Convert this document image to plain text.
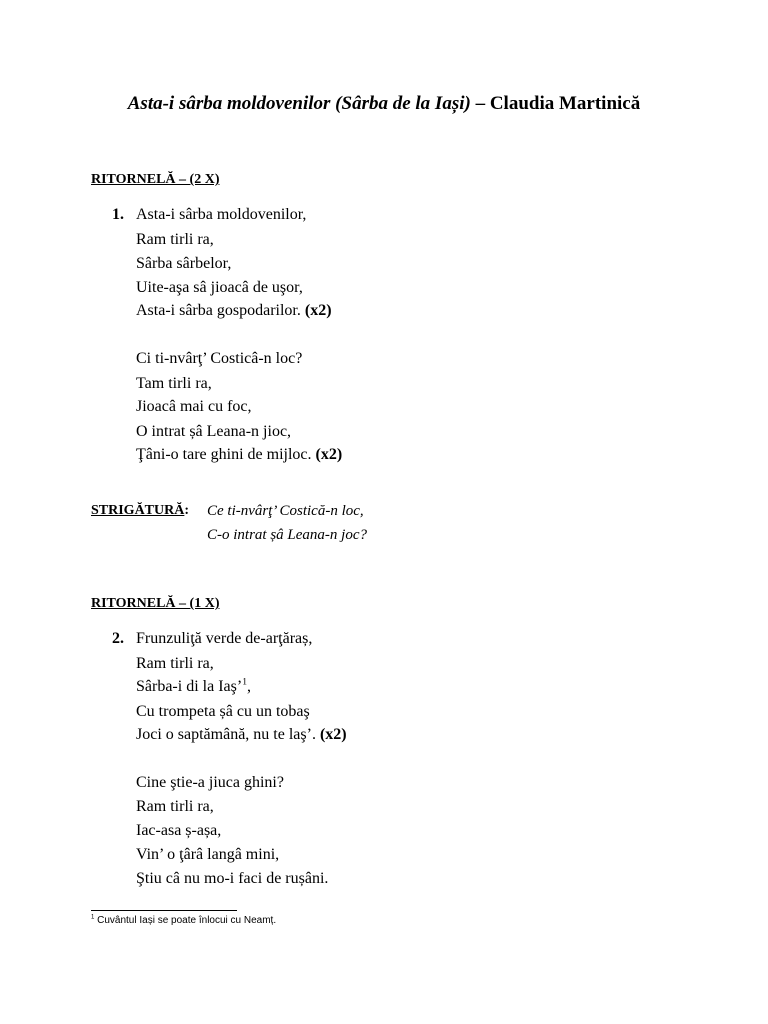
Asta-i sârba moldovenilor (Sârba de la Iași) – Claudia Martinică
RITORNELĂ – (2 X)
1. Asta-i sârba moldovenilor,
Ram tirli ra,
Sârba sârbelor,
Uite-aşa sâ jioacâ de uşor,
Asta-i sârba gospodarilor. (x2)
Ci ti-nvârţ’ Costicâ-n loc?
Tam tirli ra,
Jioacâ mai cu foc,
O intrat șâ Leana-n jioc,
Ţâni-o tare ghini de mijloc. (x2)
STRIGĂTURĂ: Ce ti-nvârţ’ Costică-n loc,
C-o intrat șâ Leana-n joc?
RITORNELĂ – (1 X)
2. Frunzuliţă verde de-arţăraș,
Ram tirli ra,
Sârba-i di la Iaş’$^1$,
Cu trompeta șâ cu un tobaş
Joci o saptămână, nu te laş’. (x2)
Cine ştie-a jiuca ghini?
Ram tirli ra,
Iac-asa ș-așa,
Vin’ o ţârâ langâ mini,
Ştiu câ nu mo-i faci de rușâni.
$^1$ Cuvântul Iași se poate înlocui cu Neamț.
